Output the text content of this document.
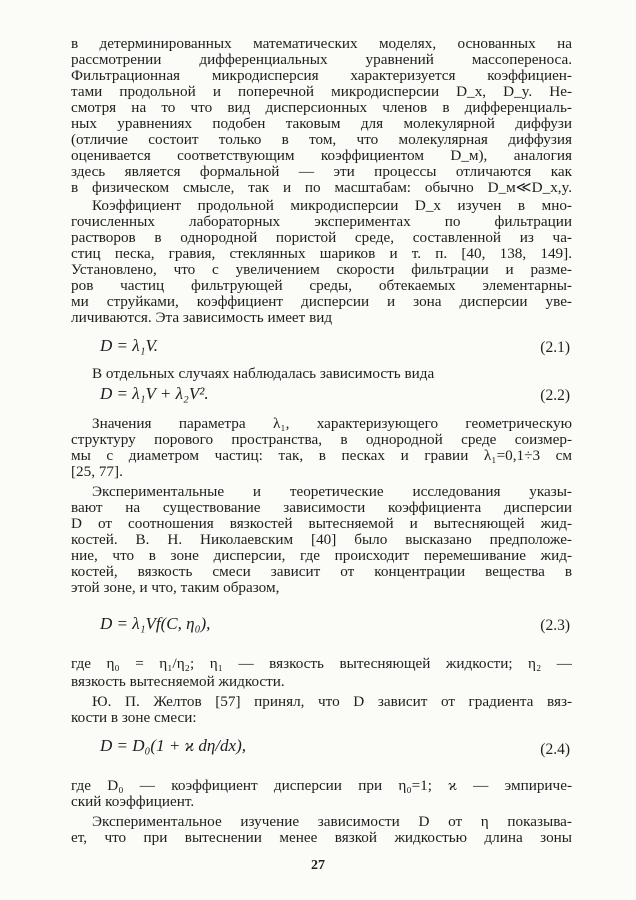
в детерминированных математических моделях, основанных на
рассмотрении дифференциальных уравнений массопереноса.
Фильтрационная микродисперсия характеризуется коэффициен-
тами продольной и поперечной микродисперсии D_x, D_y. Не-
смотря на то что вид дисперсионных членов в дифференциаль-
ных уравнениях подобен таковым для молекулярной диффузи
(отличие состоит только в том, что молекулярная диффузия
оценивается соответствующим коэффициентом D_м), аналогия
здесь является формальной — эти процессы отличаются как
в физическом смысле, так и по масштабам: обычно D_м≪D_x,y.
Коэффициент продольной микродисперсии D_x изучен в мно-
гочисленных лабораторных экспериментах по фильтрации
растворов в однородной пористой среде, составленной из ча-
стиц песка, гравия, стеклянных шариков и т. п. [40, 138, 149].
Установлено, что с увеличением скорости фильтрации и разме-
ров частиц фильтрующей среды, обтекаемых элементарны-
ми струйками, коэффициент дисперсии и зона дисперсии уве-
личиваются. Эта зависимость имеет вид
D = λ₁V.	(2.1)
В отдельных случаях наблюдалась зависимость вида
D = λ₁V + λ₂V².	(2.2)
Значения параметра λ₁, характеризующего геометрическую
структуру порового пространства, в однородной среде соизмер-
мы с диаметром частиц: так, в песках и гравии λ₁=0,1÷3 см
[25, 77].
Экспериментальные и теоретические исследования указы-
вают на существование зависимости коэффициента дисперсии
D от соотношения вязкостей вытесняемой и вытесняющей жид-
костей. В. Н. Николаевским [40] было высказано предположе-
ние, что в зоне дисперсии, где происходит перемешивание жид-
костей, вязкость смеси зависит от концентрации вещества в
этой зоне, и что, таким образом,
D = λ₁Vf(C, η₀),	(2.3)
где η₀ = η₁/η₂; η₁ — вязкость вытесняющей жидкости; η₂ —
вязкость вытесняемой жидкости.
Ю. П. Желтов [57] принял, что D зависит от градиента вяз-
кости в зоне смеси:
D = D₀(1 + ϰ dη/dx),	(2.4)
где D₀ — коэффициент дисперсии при η₀=1; ϰ — эмпириче-
ский коэффициент.
Экспериментальное изучение зависимости D от η показыва-
ет, что при вытеснении менее вязкой жидкостью длина зоны
27
